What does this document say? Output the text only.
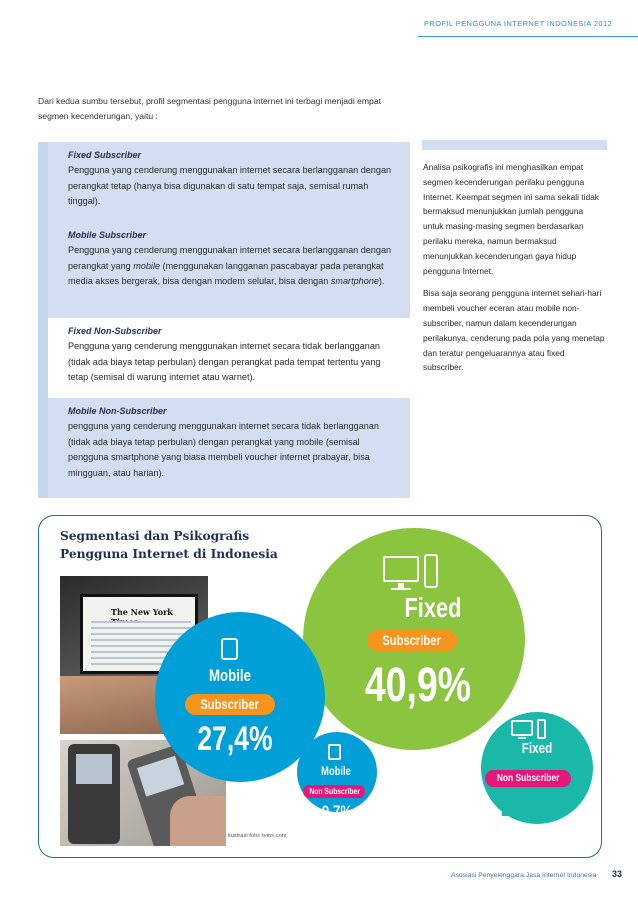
PROFIL PENGGUNA INTERNET INDONESIA 2012

Dari kedua sumbu tersebut, profil segmentasi pengguna internet ini terbagi menjadi empat segmen kecenderungan, yaitu :

Fixed Subscriber

Pengguna yang cenderung menggunakan internet secara berlangganan dengan perangkat tetap (hanya bisa digunakan di satu tempat saja, semisal rumah tinggal).

Mobile Subscriber

Pengguna yang cenderung menggunakan internet secara berlangganan dengan perangkat yang mobile (menggunakan langganan pascabayar pada perangkat media akses bergerak, bisa dengan modem selular, bisa dengan smartphone).

Fixed Non-Subscriber

Pengguna yang cenderung menggunakan internet secara tidak berlangganan (tidak ada biaya tetap perbulan) dengan perangkat pada tempat tertentu yang tetap (semisal di warung internet atau warnet).

Mobile Non-Subscriber

pengguna yang cenderung menggunakan internet secara tidak berlangganan (tidak ada biaya tetap perbulan) dengan perangkat yang mobile (semisal pengguna smartphone yang biasa membeli voucher internet prabayar, bisa mingguan, atau harian).

Analisa psikografis ini menghasilkan empat segmen kecenderungan perilaku pengguna Internet. Keempat segmen ini sama sekali tidak bermaksud menunjukkan jumlah pengguna untuk masing-masing segmen berdasarkan perilaku mereka, namun bermaksud menunjukkan kecenderungan gaya hidup pengguna Internet.

Bisa saja seorang pengguna internet sehari-hari membeli voucher eceran atau mobile non-subscriber, namun dalam kecenderungan perilakunya, cenderung pada pola yang menetap dan teratur pengeluarannya atau fixed subscriber.

Segmentasi dan Psikografis
Pengguna Internet di Indonesia
The New York
ilustrasi foto: tvins.com
Fixed
Subscriber
40,9%
Mobile
Subscriber
27,4%	Fixed
Non Subscriber
21,9%
Mobile
Non Subscriber
9,7%
Asosiasi Penyelenggara Jasa Internet Indonesia 33
